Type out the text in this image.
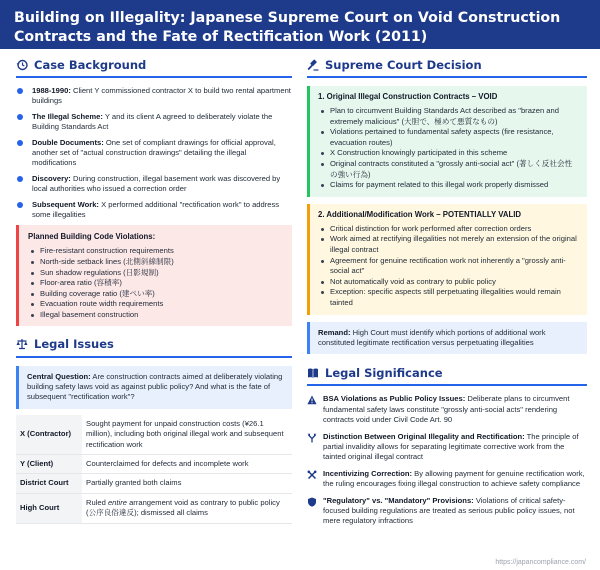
Building on Illegality: Japanese Supreme Court on Void Construction Contracts and the Fate of Rectification Work (2011)
Case Background
1988-1990: Client Y commissioned contractor X to build two rental apartment buildings
The Illegal Scheme: Y and its client A agreed to deliberately violate the Building Standards Act
Double Documents: One set of compliant drawings for official approval, another set of "actual construction drawings" detailing the illegal modifications
Discovery: During construction, illegal basement work was discovered by local authorities who issued a correction order
Subsequent Work: X performed additional "rectification work" to address some illegalities
Planned Building Code Violations:
Fire-resistant construction requirements
North-side setback lines (北側斜線制限)
Sun shadow regulations (日影規制)
Floor-area ratio (容積率)
Building coverage ratio (建ぺい率)
Evacuation route width requirements
Illegal basement construction
Legal Issues
Central Question: Are construction contracts aimed at deliberately violating building safety laws void as against public policy? And what is the fate of subsequent "rectification work"?
X (Contractor)	Sought payment for unpaid construction costs (¥26.1 million), including both original illegal work and subsequent rectification work
Y (Client)	Counterclaimed for defects and incomplete work
District Court	Partially granted both claims
High Court	Ruled entire arrangement void as contrary to public policy (公序良俗違反); dismissed all claims
Supreme Court Decision
1. Original Illegal Construction Contracts – VOID
Plan to circumvent Building Standards Act described as "brazen and extremely malicious" (大胆で、極めて悪質なもの)
Violations pertained to fundamental safety aspects (fire resistance, evacuation routes)
X Construction knowingly participated in this scheme
Original contracts constituted a "grossly anti-social act" (著しく反社会性の強い行為)
Claims for payment related to this illegal work properly dismissed
2. Additional/Modification Work – POTENTIALLY VALID
Critical distinction for work performed after correction orders
Work aimed at rectifying illegalities not merely an extension of the original illegal contract
Agreement for genuine rectification work not inherently a "grossly anti-social act"
Not automatically void as contrary to public policy
Exception: specific aspects still perpetuating illegalities would remain tainted
Remand: High Court must identify which portions of additional work constituted legitimate rectification versus perpetuating illegalities
Legal Significance
BSA Violations as Public Policy Issues: Deliberate plans to circumvent fundamental safety laws constitute "grossly anti-social acts" rendering contracts void under Civil Code Art. 90
Distinction Between Original Illegality and Rectification: The principle of partial invalidity allows for separating legitimate corrective work from the tainted original illegal contract
Incentivizing Correction: By allowing payment for genuine rectification work, the ruling encourages fixing illegal construction to achieve safety compliance
"Regulatory" vs. "Mandatory" Provisions: Violations of critical safety-focused building regulations are treated as serious public policy issues, not mere regulatory infractions
https://japancompliance.com/
